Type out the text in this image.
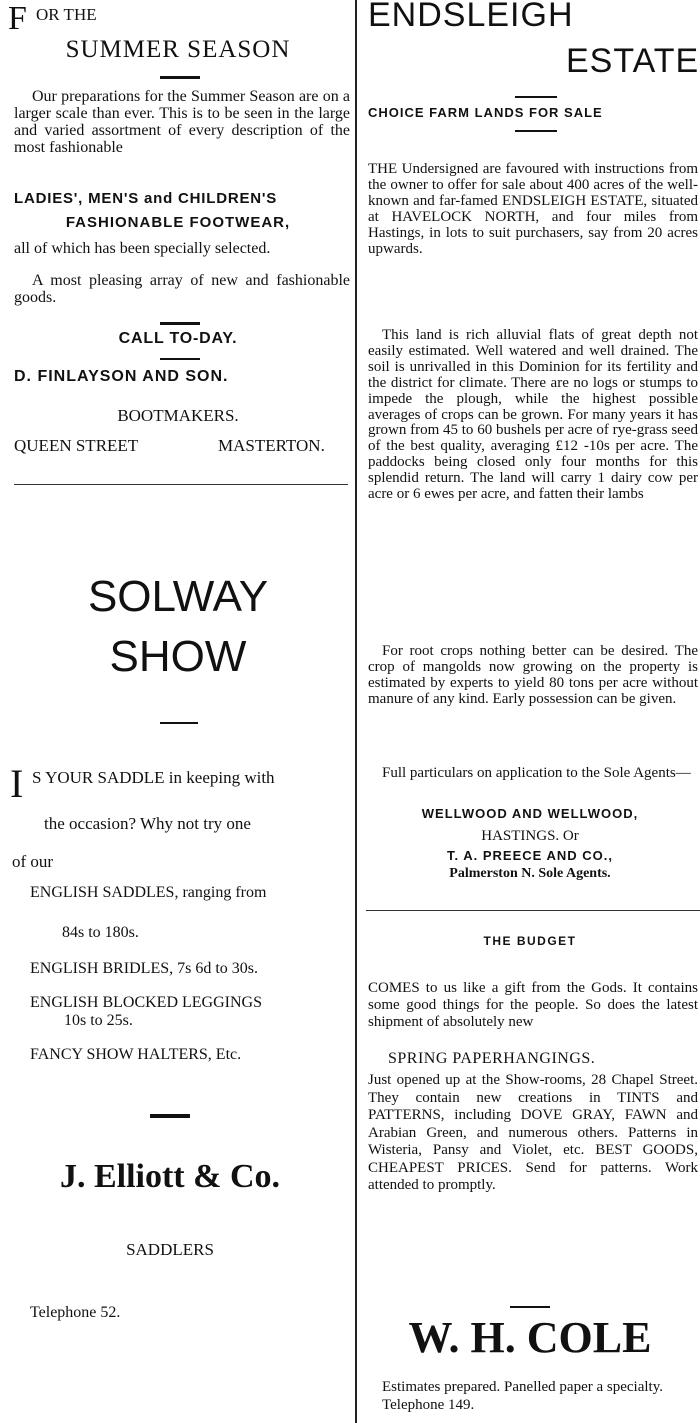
F OR THE
SUMMER SEASON

Our preparations for the Summer Season are on a larger scale than ever. This is to be seen in the large and varied assortment of every description of the most fashionable

LADIES', MEN'S and CHILDREN'S
FASHIONABLE FOOTWEAR,

all of which has been specially selected.

A most pleasing array of new and fashionable goods.

CALL TO-DAY.
D. FINLAYSON AND SON.
BOOTMAKERS.
QUEEN STREET	MASTERTON.
SOLWAY
SHOW
I S YOUR SADDLE in keeping with
the occasion? Why not try one
of our
ENGLISH SADDLES, ranging from
84s to 180s.
ENGLISH BRIDLES, 7s 6d to 30s.
ENGLISH BLOCKED LEGGINGS
10s to 25s.
FANCY SHOW HALTERS, Etc.
J. Elliott & Co.
SADDLERS
Telephone 52.
ENDSLEIGH
ESTATE
CHOICE FARM LANDS FOR SALE

THE Undersigned are favoured with instructions from the owner to offer for sale about 400 acres of the well-known and far-famed ENDSLEIGH ESTATE, situated at HAVELOCK NORTH, and four miles from Hastings, in lots to suit purchasers, say from 20 acres upwards.

This land is rich alluvial flats of great depth not easily estimated. Well watered and well drained. The soil is unrivalled in this Dominion for its fertility and the district for climate. There are no logs or stumps to impede the plough, while the highest possible averages of crops can be grown. For many years it has grown from 45 to 60 bushels per acre of rye-grass seed of the best quality, averaging £12 -10s per acre. The paddocks being closed only four months for this splendid return. The land will carry 1 dairy cow per acre or 6 ewes per acre, and fatten their lambs

For root crops nothing better can be desired. The crop of mangolds now growing on the property is estimated by experts to yield 80 tons per acre without manure of any kind. Early possession can be given.

Full particulars on application to the Sole Agents—

WELLWOOD AND WELLWOOD,
HASTINGS. Or
T. A. PREECE AND CO.,
Palmerston N. Sole Agents.
THE BUDGET

COMES to us like a gift from the Gods. It contains some good things for the people. So does the latest shipment of absolutely new

SPRING PAPERHANGINGS.

Just opened up at the Show-rooms, 28 Chapel Street. They contain new creations in TINTS and PATTERNS, including DOVE GRAY, FAWN and Arabian Green, and numerous others. Patterns in Wisteria, Pansy and Violet, etc. BEST GOODS, CHEAPEST PRICES. Send for patterns. Work attended to promptly.

W. H. COLE

Estimates prepared. Panelled paper a specialty. Telephone 149.
